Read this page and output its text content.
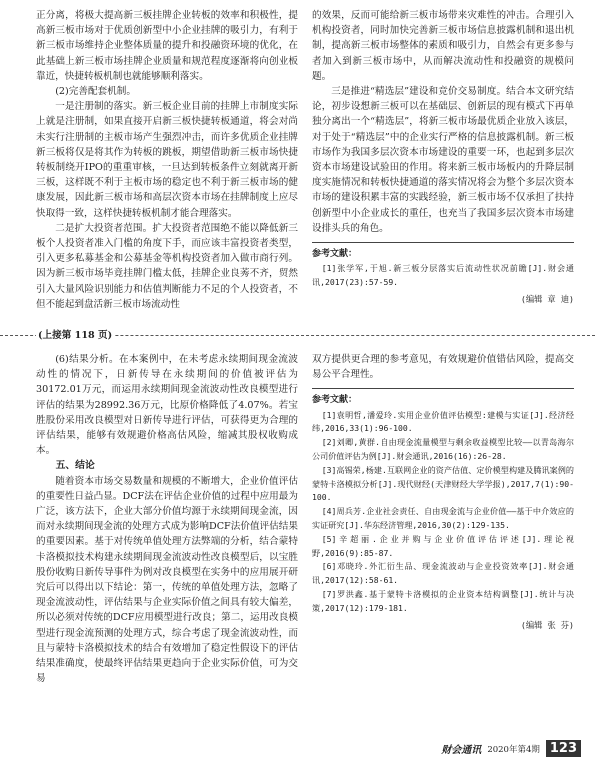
正分离，将极大提高新三板挂牌企业转板的效率和积极性，提高新三板市场对于优质创新型中小企业挂牌的吸引力，有利于新三板市场维持企业整体质量的提升和投融资环境的优化，在此基础上新三板市场挂牌企业质量和规范程度逐渐将向创业板靠近，快捷转板机制也就能够顺利落实。

(2)完善配套机制。

一是注册制的落实。新三板企业目前的挂牌上市制度实际上就是注册制，如果直接开启新三板快捷转板通道，将会对尚未实行注册制的主板市场产生强烈冲击，而许多优质企业挂牌新三板将仅是将其作为转板的跳板，期望借助新三板市场快捷转板制绕开IPO的重重审核，一旦达到转板条件立刻就离开新三板，这样既不利于主板市场的稳定也不利于新三板市场的健康发展，因此新三板市场和高层次资本市场在挂牌制度上应尽快取得一致，这样快捷转板机制才能合理落实。

二是扩大投资者范围。扩大投资者范围绝不能以降低新三板个人投资者准入门槛的角度下手，而应该丰富投资者类型，引入更多私募基金和公募基金等机构投资者加入做市商行列。因为新三板市场毕竟挂牌门槛太低，挂牌企业良莠不齐，贸然引入大量风险识别能力和估值判断能力不足的个人投资者，不但不能起到盘活新三板市场流动性

的效果，反而可能给新三板市场带来灾难性的冲击。合理引入机构投资者，同时加快完善新三板市场信息披露机制和退出机制，提高新三板市场整体的素质和吸引力，自然会有更多参与者加入到新三板市场中，从而解决流动性和投融资的规模问题。

三是推进“精选层”建设和竞价交易制度。结合本文研究结论，初步设想新三板可以在基础层、创新层的现有模式下再单独分离出一个“精选层”，将新三板市场最优质企业放入该层，对于处于“精选层”中的企业实行严格的信息披露机制。新三板市场作为我国多层次资本市场建设的重要一环，也起到多层次资本市场建设试验田的作用。将来新三板市场板内的升降层制度实施情况和转板快捷通道的落实情况将会为整个多层次资本市场的建设积累丰富的实践经验，新三板市场不仅承担了扶持创新型中小企业成长的重任，也充当了我国多层次资本市场建设排头兵的角色。

参考文献：

[1]张学军,于旭.新三板分层落实后流动性状况前瞻[J].财会通讯,2017(23):57-59.

(编辑 章 迪)
(上接第 118 页)

(6)结果分析。在本案例中，在未考虑永续期间现金流波动性的情况下，日新传导在永续期间的价值被评估为30172.01万元，而运用永续期间现金流波动性改良模型进行评估的结果为28992.36万元，比原价格降低了4.07%。若宝胜股份采用改良模型对日新传导进行评估，可获得更为合理的评估结果，能够有效规避价格高估风险，缩减其股权收购成本。

五、结论

随着资本市场交易数量和规模的不断增大，企业价值评估的重要性日益凸显。DCF法在评估企业价值的过程中应用最为广泛，该方法下，企业大部分价值均源于永续期间现金流，因而对永续期间现金流的处理方式成为影响DCF法价值评估结果的重要因素。基于对传统单值处理方法弊端的分析，结合蒙特卡洛模拟技术构建永续期间现金流波动性改良模型后，以宝胜股份收购日新传导事件为例对改良模型在实务中的应用展开研究后可以得出以下结论：第一，传统的单值处理方法，忽略了现金流波动性，评估结果与企业实际价值之间具有较大偏差，所以必须对传统的DCF应用模型进行改良；第二，运用改良模型进行现金流预测的处理方式，综合考虑了现金流波动性，而且与蒙特卡洛模拟技术的结合有效增加了稳定性假设下的评估结果准确度，使最终评估结果更趋向于企业实际价值，可为交易

双方提供更合理的参考意见，有效规避价值错估风险，提高交易公平合理性。

参考文献：

[1]袁明哲,潘爱玲.实用企业价值评估模型:建模与实证[J].经济经纬,2016,33(1):96-100.

[2]刘卿,黄群.自由现金流量模型与剩余收益模型比较——以青岛海尔公司价值评估为例[J].财会通讯,2016(16):26-28.

[3]高锡荣,杨建.互联网企业的资产估值、定价模型构建及腾讯案例的蒙特卡洛模拟分析[J].现代财经(天津财经大学学报),2017,7(1):90-100.

[4]周兵芳.企业社会责任、自由现金流与企业价值——基于中介效应的实证研究[J].华东经济管理,2016,30(2):129-135.

[5]辛超丽.企业并购与企业价值评估评述[J].理论视野,2016(9):85-87.

[6]邓晓玲.外汇衍生品、现金流波动与企业投资效率[J].财会通讯,2017(12):58-61.

[7]罗洪鑫.基于蒙特卡洛模拟的企业资本结构调整[J].统计与决策,2017(12):179-181.

(编辑 张 芬)
财会通讯 2020年第4期 123
